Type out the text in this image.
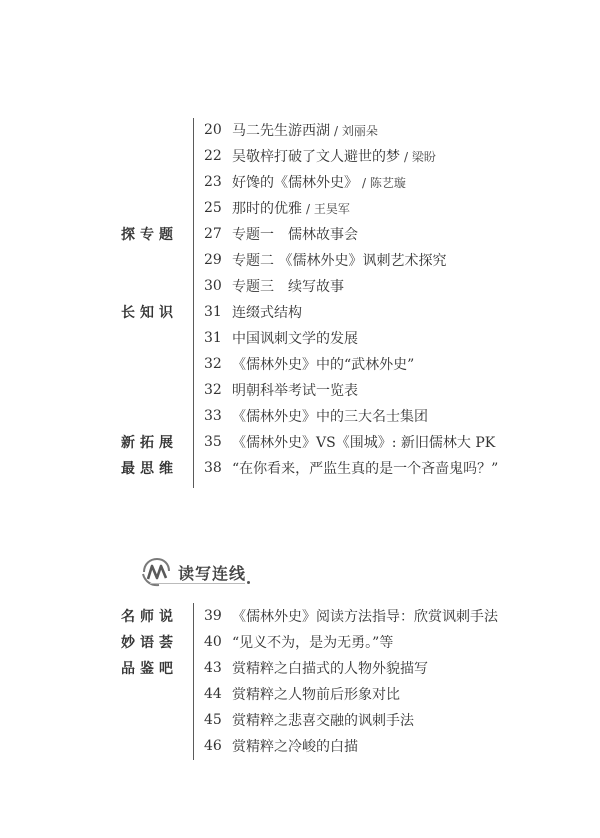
20 马二先生游西湖 / 刘丽朵
22 吴敬梓打破了文人避世的梦 / 梁盼
23 好馋的《儒林外史》 / 陈艺璇
25 那时的优雅 / 王昊军
探专题	27 专题一　儒林故事会
29 专题二 《儒林外史》讽刺艺术探究
30 专题三　续写故事
长知识	31 连缀式结构
31 中国讽刺文学的发展
32 《儒林外史》中的“武林外史”
32 明朝科举考试一览表
33 《儒林外史》中的三大名士集团
新拓展	35 《儒林外史》VS《围城》: 新旧儒林大 PK
最思维	38 “在你看来，严监生真的是一个吝啬鬼吗？”
读写连线
名师说	39 《儒林外史》阅读方法指导：欣赏讽刺手法
妙语荟	40 “见义不为，是为无勇。”等
品鉴吧	43 赏精粹之白描式的人物外貌描写
44 赏精粹之人物前后形象对比
45 赏精粹之悲喜交融的讽刺手法
46 赏精粹之冷峻的白描
